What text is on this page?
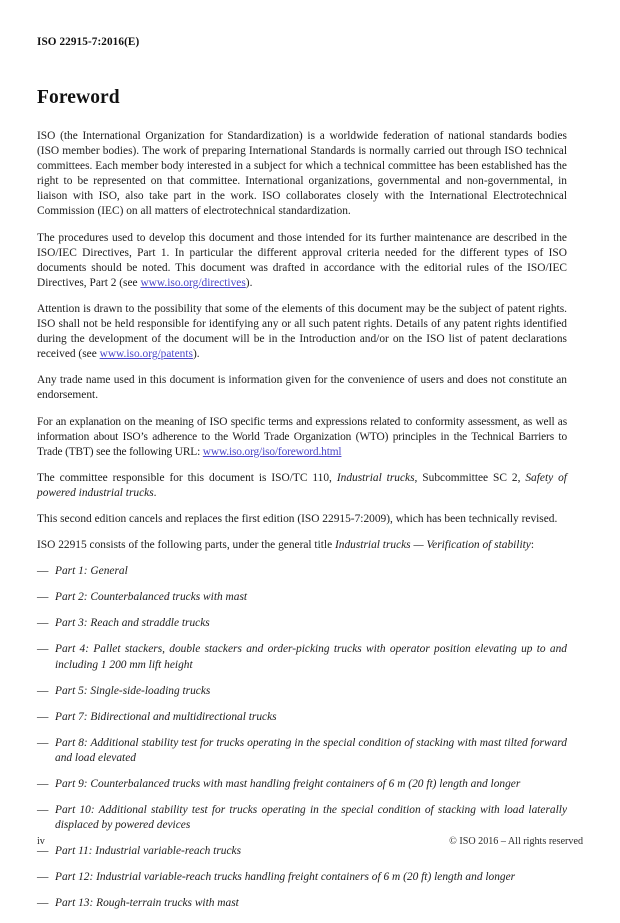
ISO 22915-7:2016(E)
Foreword

ISO (the International Organization for Standardization) is a worldwide federation of national standards bodies (ISO member bodies). The work of preparing International Standards is normally carried out through ISO technical committees. Each member body interested in a subject for which a technical committee has been established has the right to be represented on that committee. International organizations, governmental and non-governmental, in liaison with ISO, also take part in the work. ISO collaborates closely with the International Electrotechnical Commission (IEC) on all matters of electrotechnical standardization.

The procedures used to develop this document and those intended for its further maintenance are described in the ISO/IEC Directives, Part 1. In particular the different approval criteria needed for the different types of ISO documents should be noted. This document was drafted in accordance with the editorial rules of the ISO/IEC Directives, Part 2 (see www.iso.org/directives).

Attention is drawn to the possibility that some of the elements of this document may be the subject of patent rights. ISO shall not be held responsible for identifying any or all such patent rights. Details of any patent rights identified during the development of the document will be in the Introduction and/or on the ISO list of patent declarations received (see www.iso.org/patents).

Any trade name used in this document is information given for the convenience of users and does not constitute an endorsement.

For an explanation on the meaning of ISO specific terms and expressions related to conformity assessment, as well as information about ISO’s adherence to the World Trade Organization (WTO) principles in the Technical Barriers to Trade (TBT) see the following URL: www.iso.org/iso/foreword.html

The committee responsible for this document is ISO/TC 110, Industrial trucks, Subcommittee SC 2, Safety of powered industrial trucks.

This second edition cancels and replaces the first edition (ISO 22915-7:2009), which has been technically revised.

ISO 22915 consists of the following parts, under the general title Industrial trucks — Verification of stability:

— Part 1: General
— Part 2: Counterbalanced trucks with mast
— Part 3: Reach and straddle trucks
— Part 4: Pallet stackers, double stackers and order-picking trucks with operator position elevating up to and including 1 200 mm lift height
— Part 5: Single-side-loading trucks
— Part 7: Bidirectional and multidirectional trucks
— Part 8: Additional stability test for trucks operating in the special condition of stacking with mast tilted forward and load elevated
— Part 9: Counterbalanced trucks with mast handling freight containers of 6 m (20 ft) length and longer
— Part 10: Additional stability test for trucks operating in the special condition of stacking with load laterally displaced by powered devices
— Part 11: Industrial variable-reach trucks
— Part 12: Industrial variable-reach trucks handling freight containers of 6 m (20 ft) length and longer
— Part 13: Rough-terrain trucks with mast
iv	© ISO 2016 – All rights reserved
